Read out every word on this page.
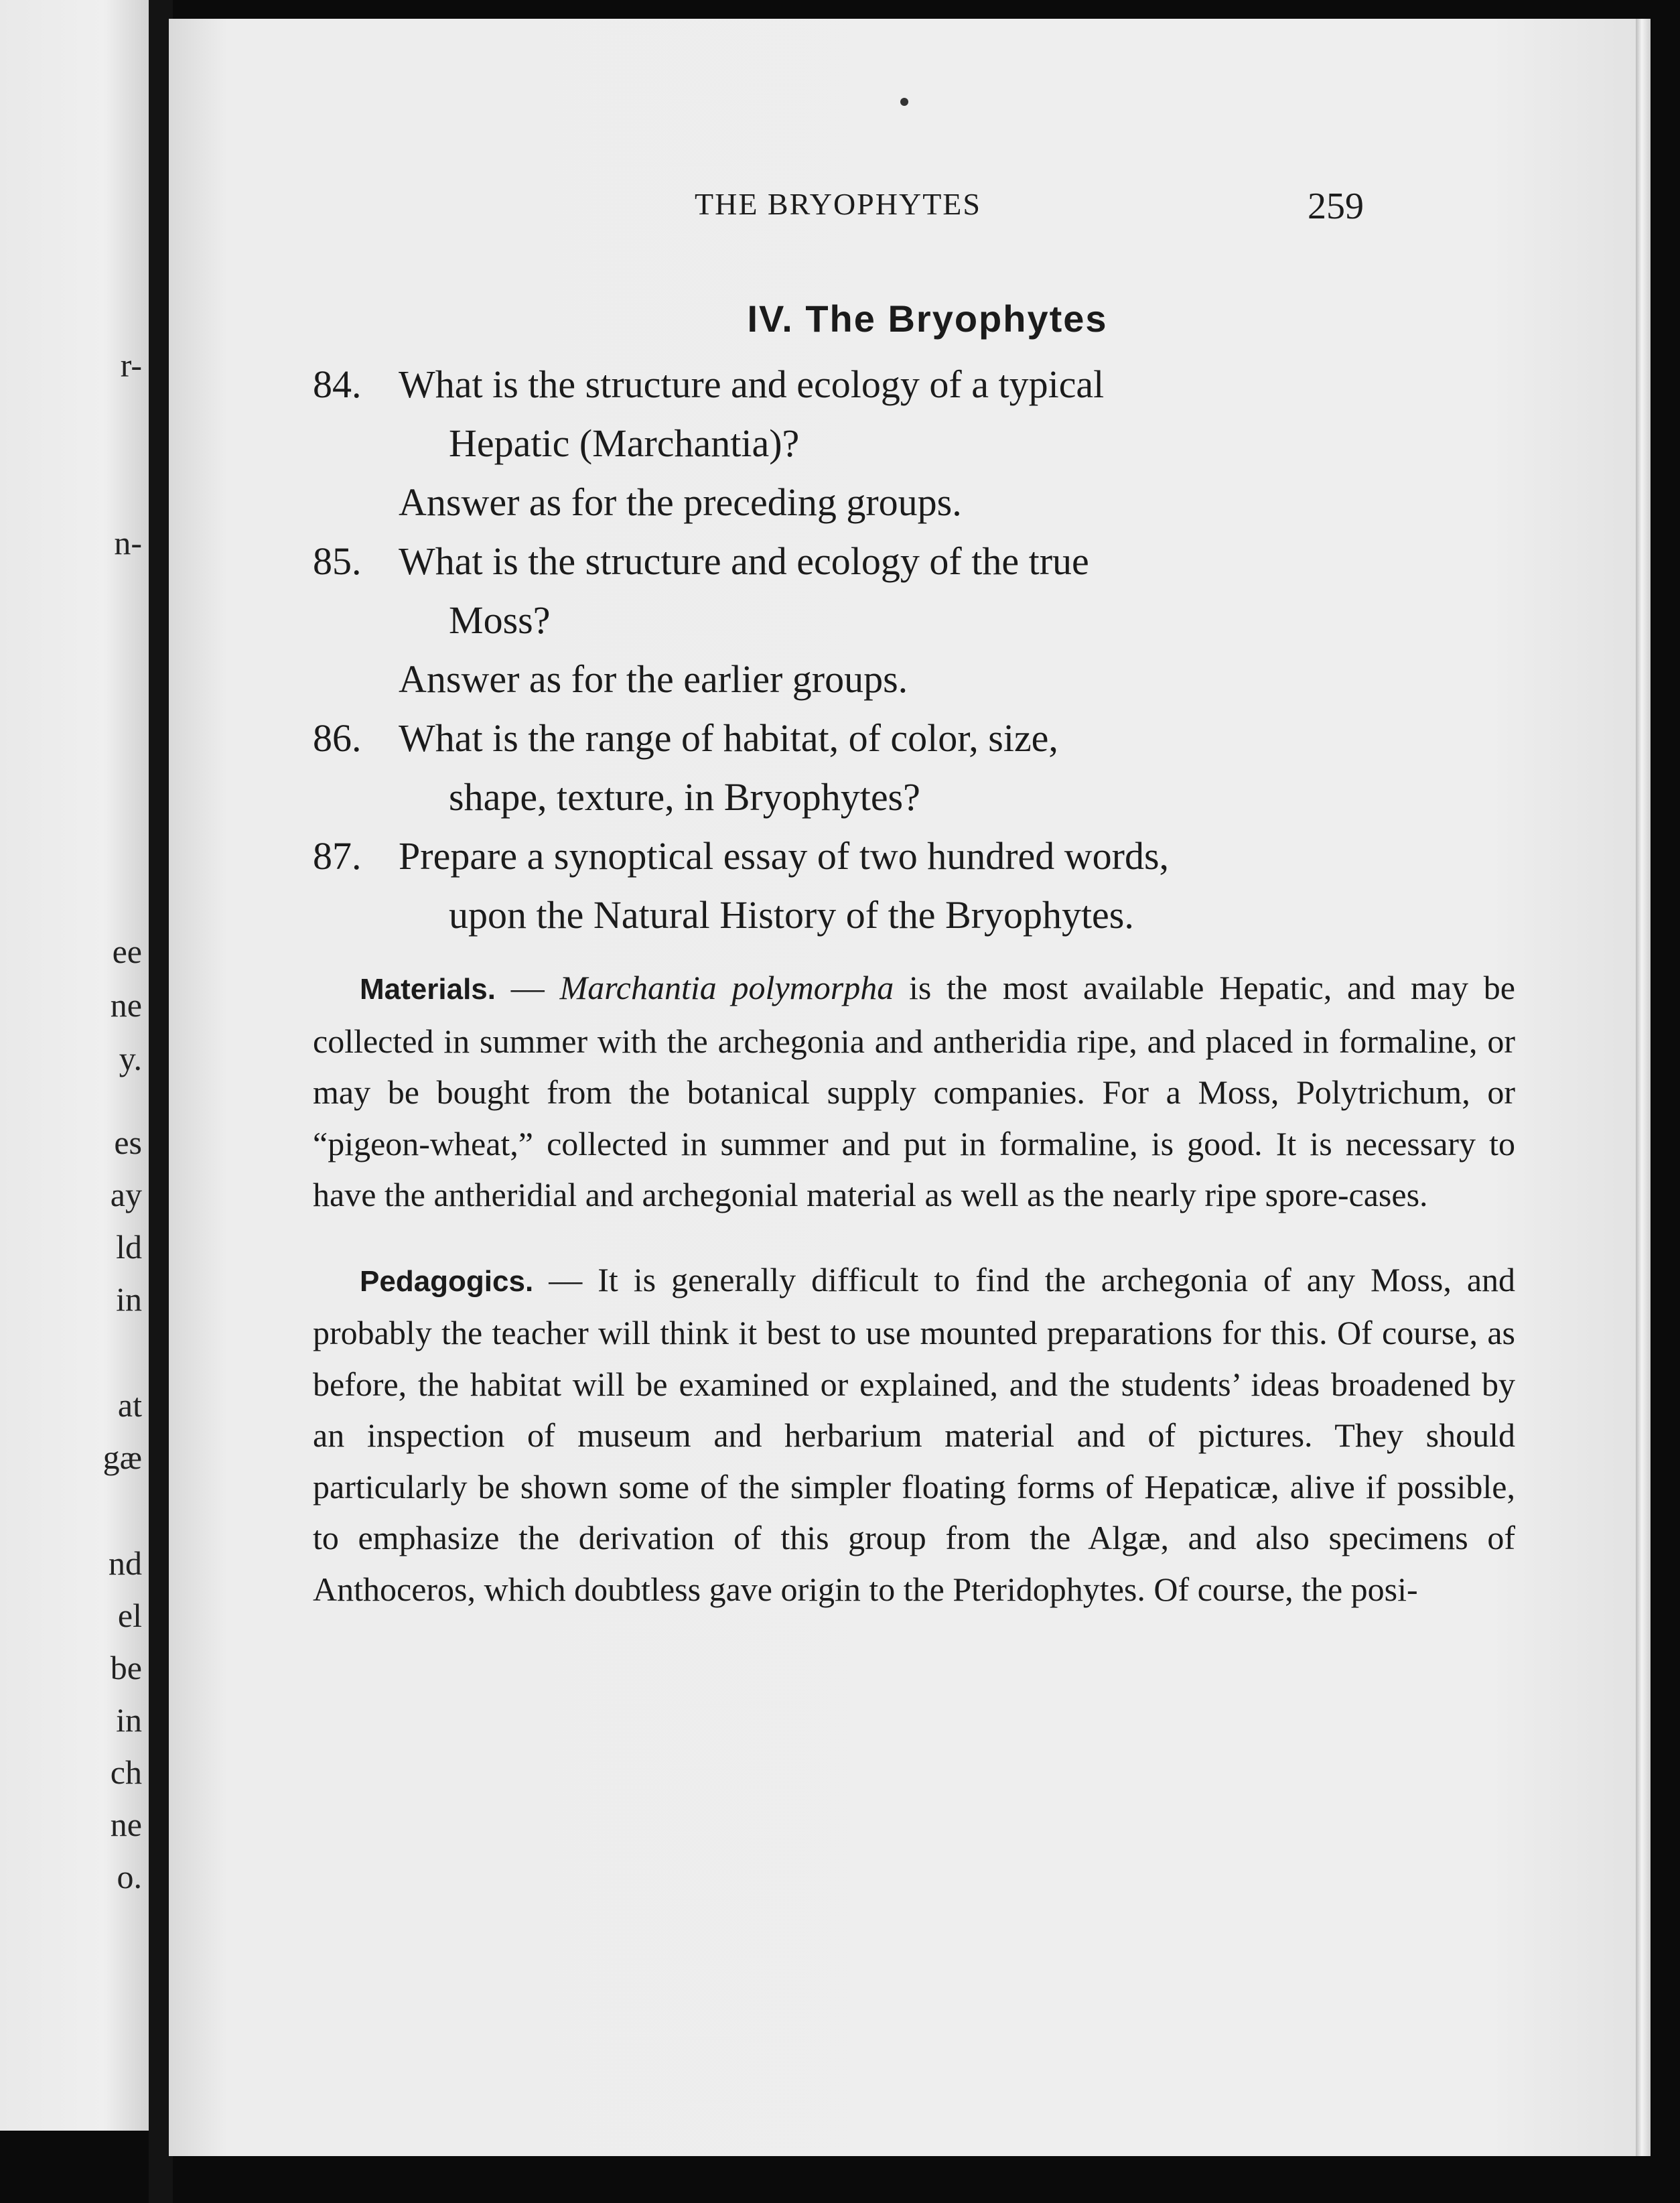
r-
n-
ee
ne
y.
es
ay
ld
in
at
gæ
nd
el
be
in
ch
ne
o.
THE BRYOPHYTES	259
IV. The Bryophytes
84. What is the structure and ecology of a typical
Hepatic (Marchantia)?
Answer as for the preceding groups.
85. What is the structure and ecology of the true
Moss?
Answer as for the earlier groups.
86. What is the range of habitat, of color, size,
shape, texture, in Bryophytes?
87. Prepare a synoptical essay of two hundred words,
upon the Natural History of the Bryophytes.

Materials. — Marchantia polymorpha is the most available Hepatic, and may be collected in summer with the archegonia and antheridia ripe, and placed in formaline, or may be bought from the botanical supply companies. For a Moss, Polytrichum, or “pigeon-wheat,” collected in summer and put in formaline, is good. It is necessary to have the antheridial and archegonial material as well as the nearly ripe spore-cases.

Pedagogics. — It is generally difficult to find the archegonia of any Moss, and probably the teacher will think it best to use mounted preparations for this. Of course, as before, the habitat will be examined or explained, and the students’ ideas broadened by an inspection of museum and herbarium material and of pictures. They should particularly be shown some of the simpler floating forms of Hepaticæ, alive if possible, to emphasize the derivation of this group from the Algæ, and also specimens of Anthoceros, which doubtless gave origin to the Pteridophytes. Of course, the posi-
